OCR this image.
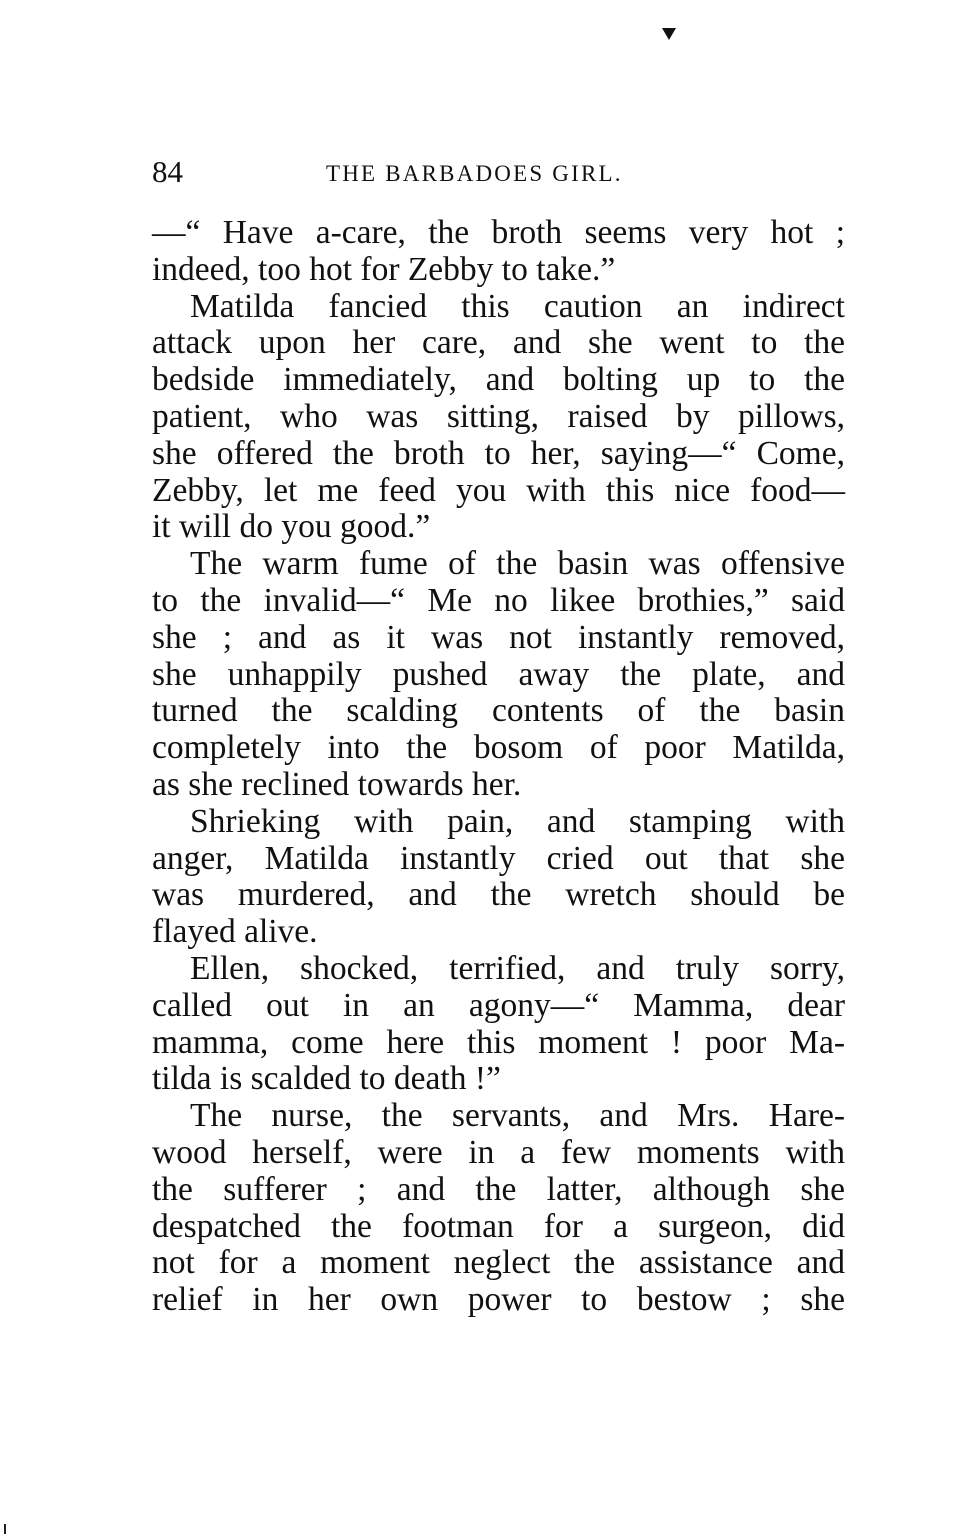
84	THE BARBADOES GIRL.
—“ Have a-care, the broth seems very hot ;
indeed, too hot for Zebby to take.”
Matilda fancied this caution an indirect
attack upon her care, and she went to the
bedside immediately, and bolting up to the
patient, who was sitting, raised by pillows,
she offered the broth to her, saying—“ Come,
Zebby, let me feed you with this nice food—
it will do you good.”
The warm fume of the basin was offensive
to the invalid—“ Me no likee brothies,” said
she ; and as it was not instantly removed,
she unhappily pushed away the plate, and
turned the scalding contents of the basin
completely into the bosom of poor Matilda,
as she reclined towards her.
Shrieking with pain, and stamping with
anger, Matilda instantly cried out that she
was murdered, and the wretch should be
flayed alive.
Ellen, shocked, terrified, and truly sorry,
called out in an agony—“ Mamma, dear
mamma, come here this moment ! poor Ma-
tilda is scalded to death !”
The nurse, the servants, and Mrs. Hare-
wood herself, were in a few moments with
the sufferer ; and the latter, although she
despatched the footman for a surgeon, did
not for a moment neglect the assistance and
relief in her own power to bestow ; she
